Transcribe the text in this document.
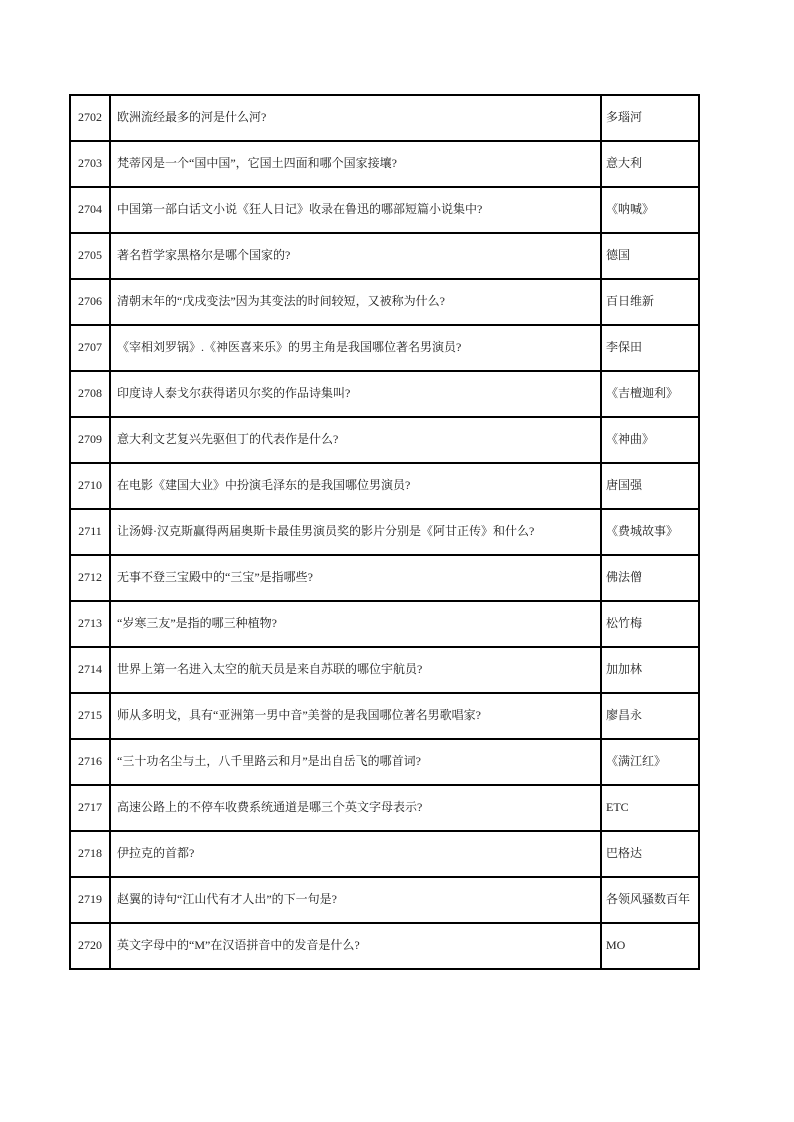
2702	欧洲流经最多的河是什么河?	多瑙河
2703	梵蒂冈是一个“国中国”，它国土四面和哪个国家接壤?	意大利
2704	中国第一部白话文小说《狂人日记》收录在鲁迅的哪部短篇小说集中?	《呐喊》
2705	著名哲学家黑格尔是哪个国家的?	德国
2706	清朝末年的“戊戌变法”因为其变法的时间较短，又被称为什么?	百日维新
2707	《宰相刘罗锅》.《神医喜来乐》的男主角是我国哪位著名男演员?	李保田
2708	印度诗人泰戈尔获得诺贝尔奖的作品诗集叫?	《吉檀迦利》
2709	意大利文艺复兴先驱但丁的代表作是什么?	《神曲》
2710	在电影《建国大业》中扮演毛泽东的是我国哪位男演员?	唐国强
2711	让汤姆·汉克斯赢得两届奥斯卡最佳男演员奖的影片分别是《阿甘正传》和什么?	《费城故事》
2712	无事不登三宝殿中的“三宝”是指哪些?	佛法僧
2713	“岁寒三友”是指的哪三种植物?	松竹梅
2714	世界上第一名进入太空的航天员是来自苏联的哪位宇航员?	加加林
2715	师从多明戈，具有“亚洲第一男中音”美誉的是我国哪位著名男歌唱家?	廖昌永
2716	“三十功名尘与土，八千里路云和月”是出自岳飞的哪首词?	《满江红》
2717	高速公路上的不停车收费系统通道是哪三个英文字母表示?	ETC
2718	伊拉克的首都?	巴格达
2719	赵翼的诗句“江山代有才人出”的下一句是?	各领风骚数百年
2720	英文字母中的“M”在汉语拼音中的发音是什么?	MO
